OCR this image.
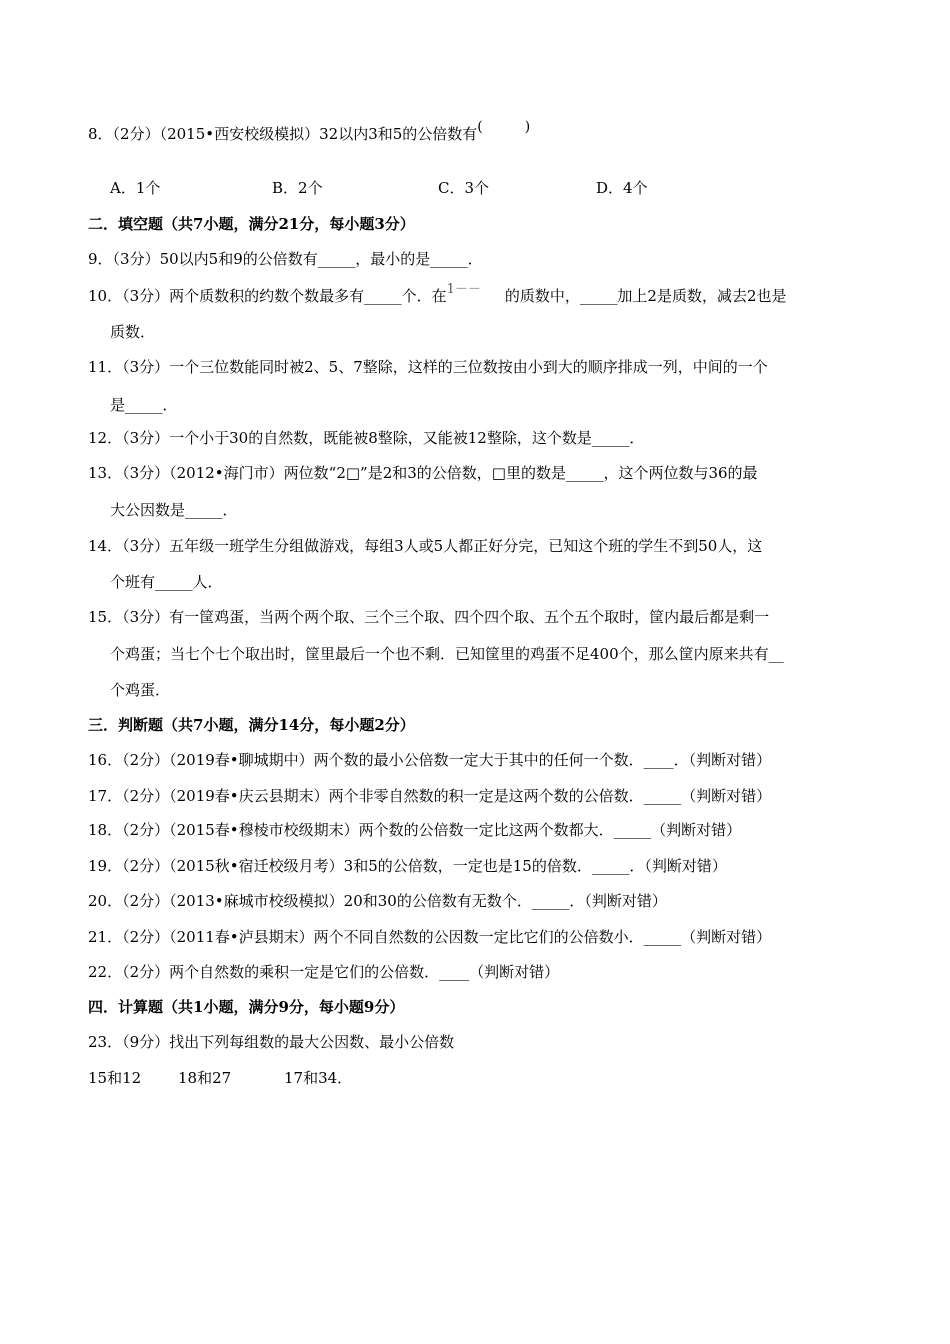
8．（2分）（2015•西安校级模拟）32以内3和5的公倍数有(　　　)
A．1个	B．2个	C．3个	D．4个
二．填空题（共7小题，满分21分，每小题3分）
9．（3分）50以内5和9的公倍数有_____，最小的是_____．
10．（3分）两个质数积的约数个数最多有_____个．在1－－ 的质数中，_____加上2是质数，减去2也是
质数．
11．（3分）一个三位数能同时被2、5、7整除，这样的三位数按由小到大的顺序排成一列，中间的一个
是_____．
12．（3分）一个小于30的自然数，既能被8整除，又能被12整除，这个数是_____．
13．（3分）（2012•海门市）两位数“2□”是2和3的公倍数，□里的数是_____，这个两位数与36的最
大公因数是_____．
14．（3分）五年级一班学生分组做游戏，每组3人或5人都正好分完，已知这个班的学生不到50人，这
个班有_____人．
15．（3分）有一筐鸡蛋，当两个两个取、三个三个取、四个四个取、五个五个取时，筐内最后都是剩一
个鸡蛋；当七个七个取出时，筐里最后一个也不剩．已知筐里的鸡蛋不足400个，那么筐内原来共有__
个鸡蛋．
三．判断题（共7小题，满分14分，每小题2分）
16．（2分）（2019春•聊城期中）两个数的最小公倍数一定大于其中的任何一个数．____．（判断对错）
17．（2分）（2019春•庆云县期末）两个非零自然数的积一定是这两个数的公倍数．_____（判断对错）
18．（2分）（2015春•穆棱市校级期末）两个数的公倍数一定比这两个数都大．_____（判断对错）
19．（2分）（2015秋•宿迁校级月考）3和5的公倍数，一定也是15的倍数．_____．（判断对错）
20．（2分）（2013•麻城市校级模拟）20和30的公倍数有无数个．_____．（判断对错）
21．（2分）（2011春•泸县期末）两个不同自然数的公因数一定比它们的公倍数小．_____（判断对错）
22．（2分）两个自然数的乘积一定是它们的公倍数．____（判断对错）
四．计算题（共1小题，满分9分，每小题9分）
23．（9分）找出下列每组数的最大公因数、最小公倍数
15和12 18和27	17和34．
